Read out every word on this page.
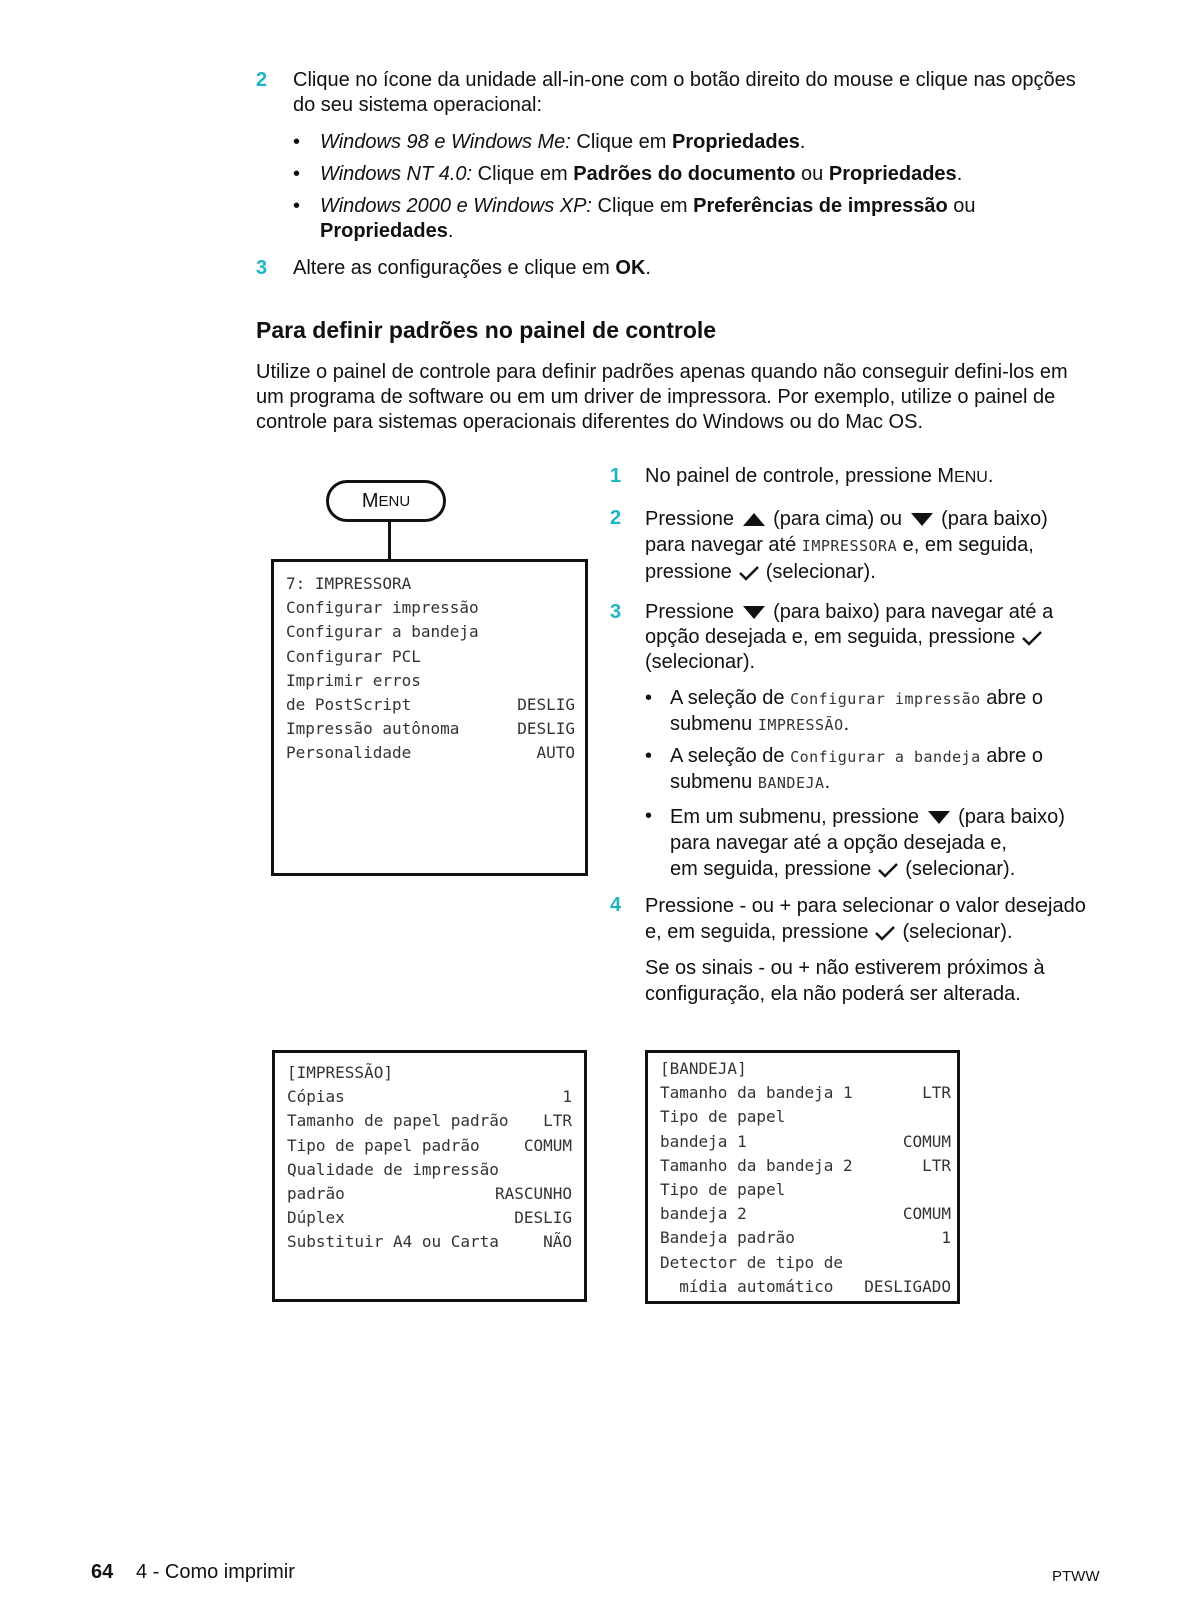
2 Clique no ícone da unidade all-in-one com o botão direito do mouse e clique nas opções
do seu sistema operacional:
• Windows 98 e Windows Me: Clique em Propriedades.
• Windows NT 4.0: Clique em Padrões do documento ou Propriedades.
• Windows 2000 e Windows XP: Clique em Preferências de impressão ou
Propriedades.
3 Altere as configurações e clique em OK.
Para definir padrões no painel de controle
Utilize o painel de controle para definir padrões apenas quando não conseguir defini-los em
um programa de software ou em um driver de impressora. Por exemplo, utilize o painel de
controle para sistemas operacionais diferentes do Windows ou do Mac OS.
M ENU
7: IMPRESSORA
Configurar impressão
Configurar a bandeja
Configurar PCL
Imprimir erros
de PostScript	DESLIG
Impressão autônoma	DESLIG
Personalidade	AUTO
1 No painel de controle, pressione MENU.
2 Pressione (para cima) ou (para baixo)
para navegar até IMPRESSORA e, em seguida,
pressione (selecionar).
3 Pressione (para baixo) para navegar até a
opção desejada e, em seguida, pressione
(selecionar).
• A seleção de Configurar impressão abre o
submenu IMPRESSÃO.
• A seleção de Configurar a bandeja abre o
submenu BANDEJA.
• Em um submenu, pressione (para baixo)
para navegar até a opção desejada e,
em seguida, pressione (selecionar).
4 Pressione - ou + para selecionar o valor desejado
e, em seguida, pressione (selecionar).
Se os sinais - ou + não estiverem próximos à
configuração, ela não poderá ser alterada.
[IMPRESSÃO]
Cópias	1
Tamanho de papel padrão LTR
Tipo de papel padrão	COMUM
Qualidade de impressão
padrão	RASCUNHO
Dúplex	DESLIG
Substituir A4 ou Carta	NÃO
[BANDEJA]
Tamanho da bandeja 1	LTR
Tipo de papel
bandeja 1	COMUM
Tamanho da bandeja 2	LTR
Tipo de papel
bandeja 2	COMUM
Bandeja padrão	1
Detector de tipo de
mídia automático DESLIGADO
64 4 - Como imprimir	PTWW
